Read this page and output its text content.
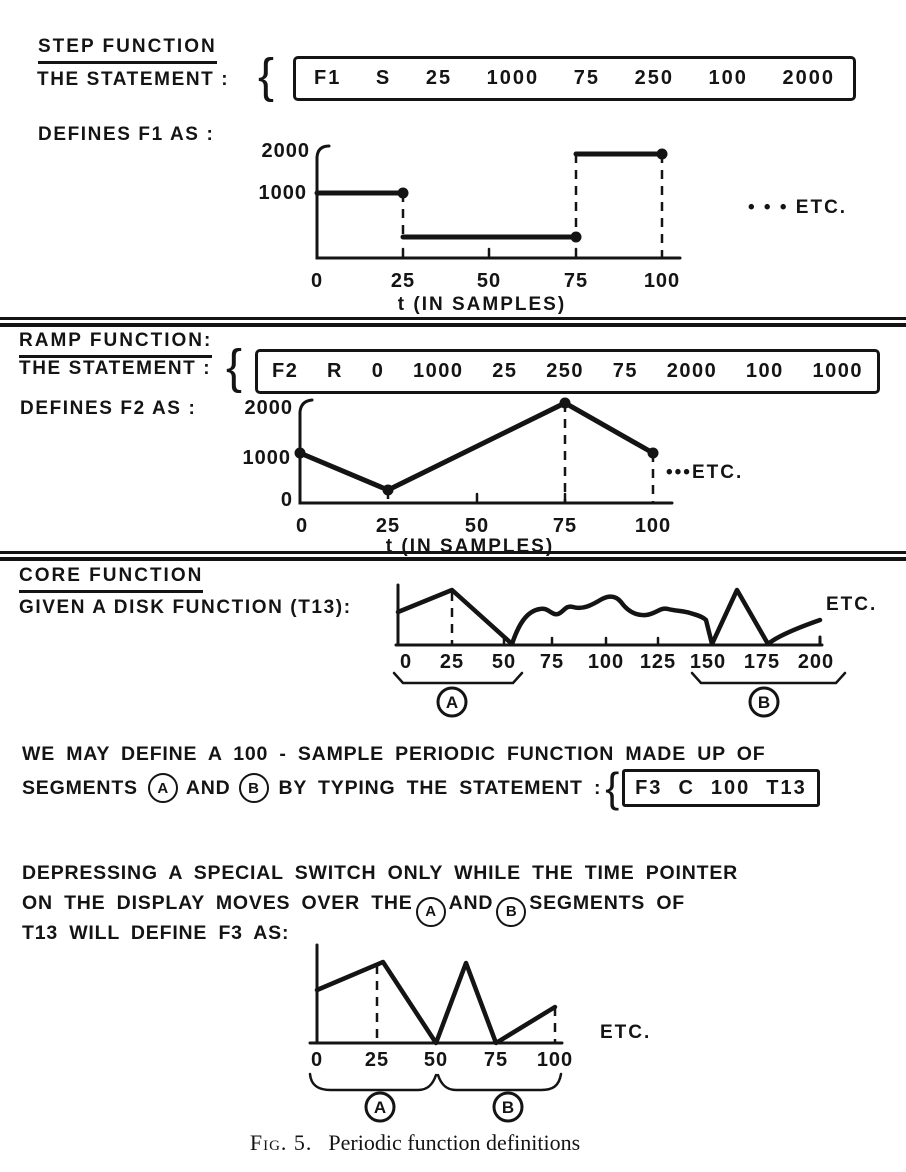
STEP FUNCTION
THE STATEMENT : { F1 S 25 1000 75 250 100 2000
DEFINES F1 AS :
2000
1000
0	25	50	75	100
t (IN SAMPLES)
• • • ETC.
RAMP FUNCTION:
THE STATEMENT : { F2 R 0 1000 25 250 75 2000 100 1000
DEFINES F2 AS : 2000
1000
0
0	25	50	75	100
t (IN SAMPLES)
•••ETC.
CORE FUNCTION
GIVEN A DISK FUNCTION (T13):
0 25 50 75 100 125 150 175 200
A	B
ETC.
WE MAY DEFINE A 100 - SAMPLE PERIODIC FUNCTION MADE UP OF
SEGMENTS	A AND	B	BY TYPING THE STATEMENT : { F3 C 100 T13
DEPRESSING A SPECIAL SWITCH ONLY WHILE THE TIME POINTER
ON THE DISPLAY MOVES OVER THE A AND B SEGMENTS OF
T13 WILL DEFINE F3 AS:
0 25 50 75 100
A	B
ETC.
Fig. 5. Periodic function definitions
